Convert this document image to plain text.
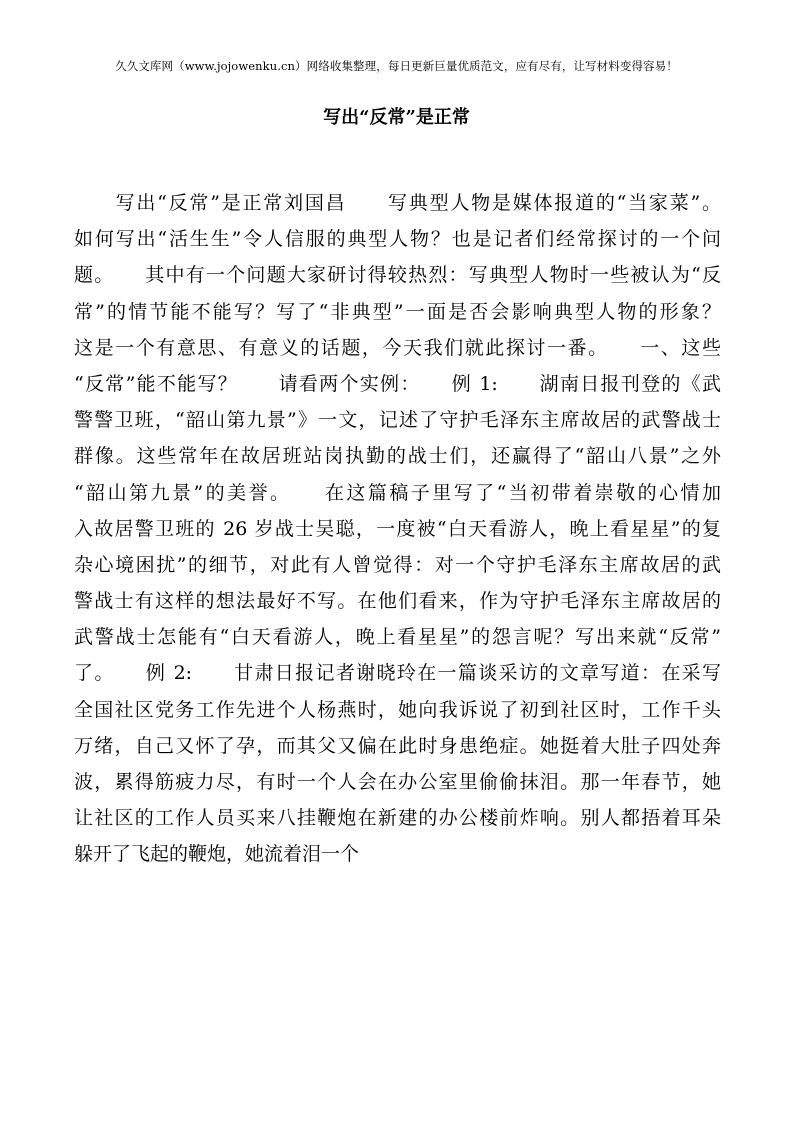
久久文库网（www.jojowenku.cn）网络收集整理，每日更新巨量优质范文，应有尽有，让写材料变得容易！
写出“反常”是正常
　　写出“反常”是正常刘国昌　　写典型人物是媒体报道的“当家菜”。
如何写出“活生生”令人信服的典型人物？也是记者们经常探讨的一个问
题。　　其中有一个问题大家研讨得较热烈：写典型人物时一些被认为“反
常”的情节能不能写？写了“非典型”一面是否会影响典型人物的形象？
这是一个有意思、有意义的话题，今天我们就此探讨一番。　　一、这些
“反常”能不能写？　　请看两个实例：　　例 1:　　湖南日报刊登的《武
警警卫班，“韶山第九景”》一文，记述了守护毛泽东主席故居的武警战士
群像。这些常年在故居班站岗执勤的战士们，还赢得了“韶山八景”之外
“韶山第九景”的美誉。　　在这篇稿子里写了“当初带着崇敬的心情加
入故居警卫班的 26 岁战士吴聪，一度被“白天看游人，晚上看星星”的复
杂心境困扰”的细节，对此有人曾觉得：对一个守护毛泽东主席故居的武
警战士有这样的想法最好不写。在他们看来，作为守护毛泽东主席故居的
武警战士怎能有“白天看游人，晚上看星星”的怨言呢？写出来就“反常”
了。　　例 2:　　甘肃日报记者谢晓玲在一篇谈采访的文章写道：在采写
全国社区党务工作先进个人杨燕时，她向我诉说了初到社区时，工作千头
万绪，自己又怀了孕，而其父又偏在此时身患绝症。她挺着大肚子四处奔
波，累得筋疲力尽，有时一个人会在办公室里偷偷抹泪。那一年春节，她
让社区的工作人员买来八挂鞭炮在新建的办公楼前炸响。别人都捂着耳朵
躲开了飞起的鞭炮，她流着泪一个
